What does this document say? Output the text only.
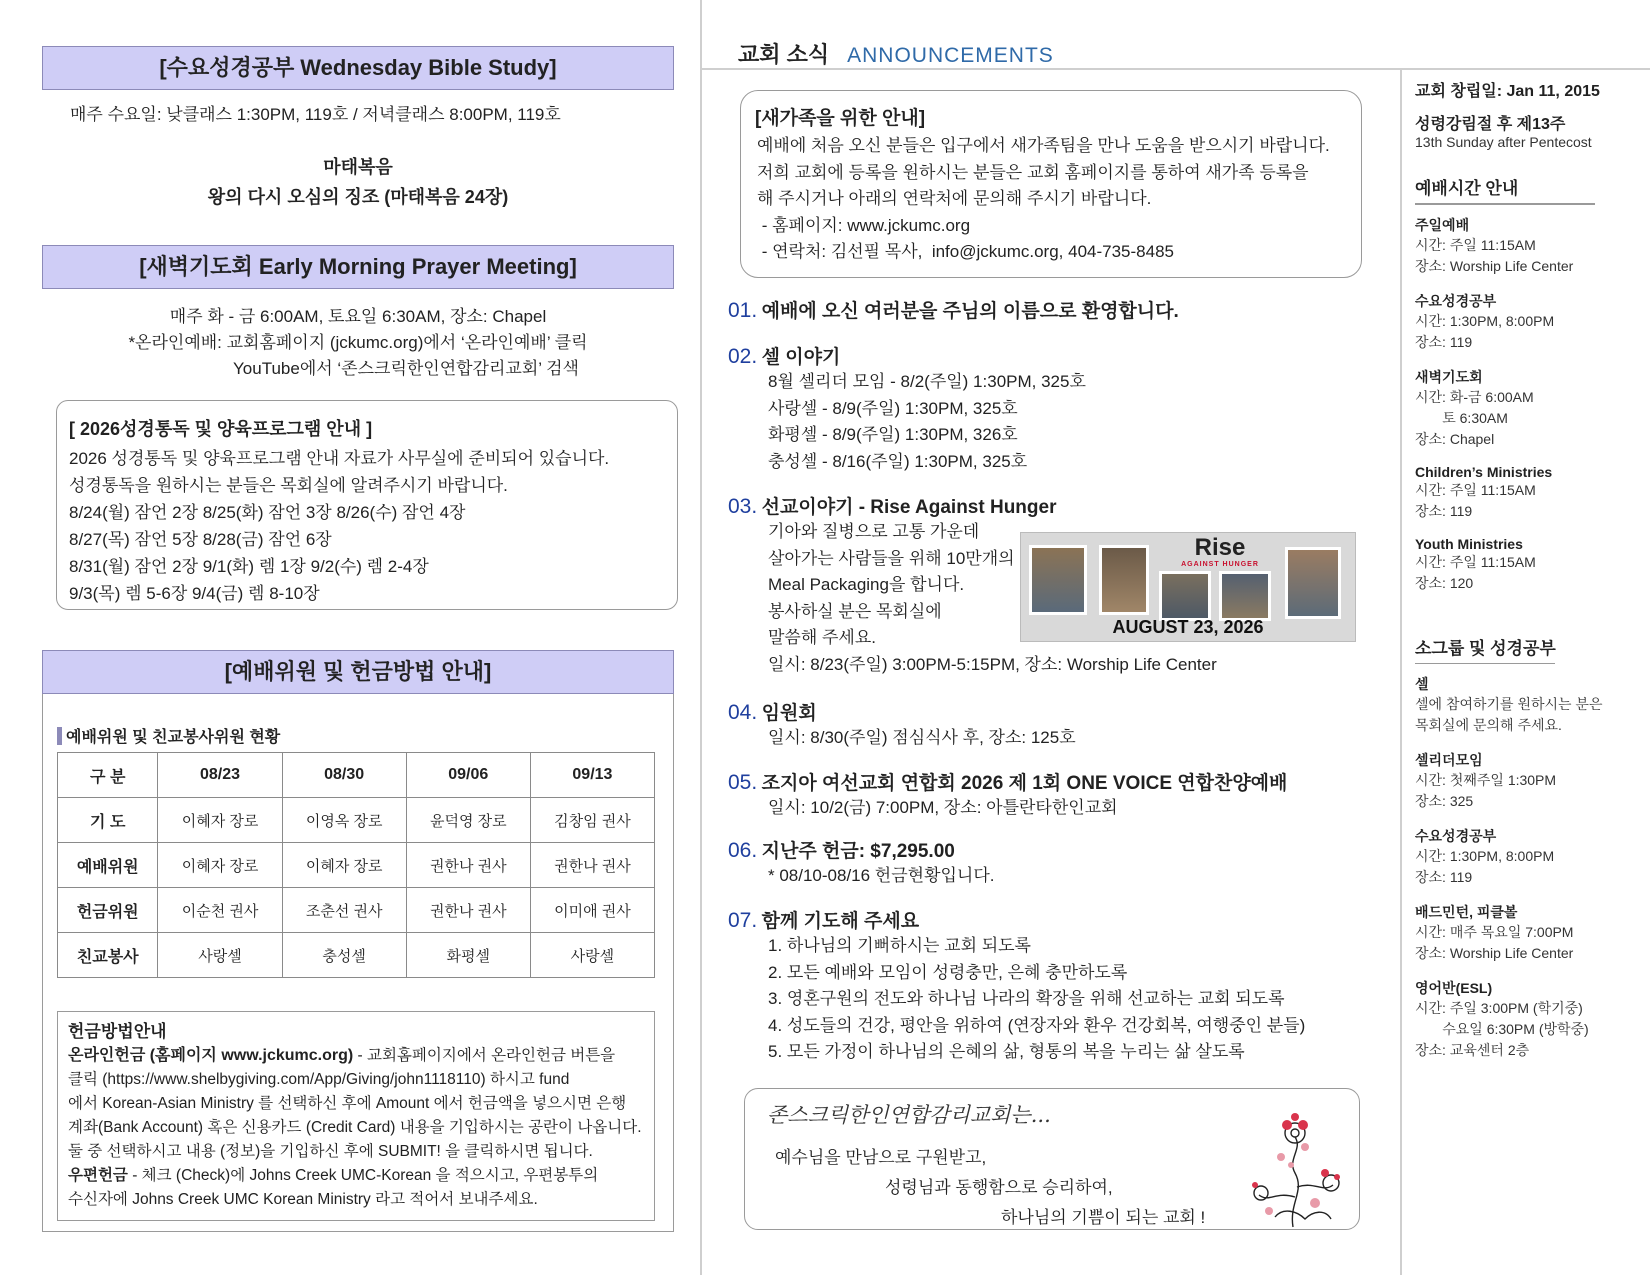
[수요성경공부 Wednesday Bible Study]
매주 수요일: 낮클래스 1:30PM, 119호 / 저녁클래스 8:00PM, 119호
마태복음
왕의 다시 오심의 징조 (마태복음 24장)
[새벽기도회 Early Morning Prayer Meeting]
매주 화 - 금 6:00AM, 토요일 6:30AM, 장소: Chapel
*온라인예배: 교회홈페이지 (jckumc.org)에서 ‘온라인예배’ 클릭
YouTube에서 ‘존스크릭한인연합감리교회’ 검색
[ 2026성경통독 및 양육프로그램 안내 ]
2026 성경통독 및 양육프로그램 안내 자료가 사무실에 준비되어 있습니다.
성경통독을 원하시는 분들은 목회실에 알려주시기 바랍니다.
8/24(월) 잠언 2장 8/25(화) 잠언 3장 8/26(수) 잠언 4장
8/27(목) 잠언 5장 8/28(금) 잠언 6장
8/31(월) 잠언 2장 9/1(화) 렘 1장 9/2(수) 렘 2-4장
9/3(목) 렘 5-6장 9/4(금) 렘 8-10장
[예배위원 및 헌금방법 안내]
예배위원 및 친교봉사위원 현황
구 분	08/23	08/30	09/06	09/13
기 도	이혜자 장로	이영옥 장로	윤덕영 장로	김창임 권사
예배위원	이혜자 장로	이혜자 장로	권한나 권사	권한나 권사
헌금위원	이순천 권사	조춘선 권사	권한나 권사	이미애 권사
친교봉사	사랑셀	충성셀	화평셀	사랑셀
헌금방법안내
온라인헌금 (홈페이지 www.jckumc.org) - 교회홈페이지에서 온라인헌금 버튼을
클릭 (https://www.shelbygiving.com/App/Giving/john1118110) 하시고 fund
에서 Korean-Asian Ministry 를 선택하신 후에 Amount 에서 헌금액을 넣으시면 은행
계좌(Bank Account) 혹은 신용카드 (Credit Card) 내용을 기입하시는 공란이 나옵니다.
둘 중 선택하시고 내용 (정보)을 기입하신 후에 SUBMIT! 을 클릭하시면 됩니다.
우편헌금 - 체크 (Check)에 Johns Creek UMC-Korean 을 적으시고, 우편봉투의
수신자에 Johns Creek UMC Korean Ministry 라고 적어서 보내주세요.
교회 소식 ANNOUNCEMENTS
[새가족을 위한 안내]
예배에 처음 오신 분들은 입구에서 새가족팀을 만나 도움을 받으시기 바랍니다.
저희 교회에 등록을 원하시는 분들은 교회 홈페이지를 통하여 새가족 등록을
해 주시거나 아래의 연락처에 문의해 주시기 바랍니다.
- 홈페이지: www.jckumc.org
- 연락처: 김선필 목사,  info@jckumc.org, 404-735-8485
01. 예배에 오신 여러분을 주님의 이름으로 환영합니다.
02. 셀 이야기
8월 셀리더 모임 - 8/2(주일) 1:30PM, 325호
사랑셀 - 8/9(주일) 1:30PM, 325호
화평셀 - 8/9(주일) 1:30PM, 326호
충성셀 - 8/16(주일) 1:30PM, 325호
03. 선교이야기 - Rise Against Hunger
기아와 질병으로 고통 가운데
살아가는 사람들을 위해 10만개의
Meal Packaging을 합니다.
봉사하실 분은 목회실에
말씀해 주세요.
일시: 8/23(주일) 3:00PM-5:15PM, 장소: Worship Life Center
Rise
AGAINST HUNGER
AUGUST 23, 2026
04. 임원회
일시: 8/30(주일) 점심식사 후, 장소: 125호
05. 조지아 여선교회 연합회 2026 제 1회 ONE VOICE 연합찬양예배
일시: 10/2(금) 7:00PM, 장소: 아틀란타한인교회
06. 지난주 헌금: $7,295.00
* 08/10-08/16 헌금현황입니다.
07. 함께 기도해 주세요
1. 하나님의 기뻐하시는 교회 되도록
2. 모든 예배와 모임이 성령충만, 은혜 충만하도록
3. 영혼구원의 전도와 하나님 나라의 확장을 위해 선교하는 교회 되도록
4. 성도들의 건강, 평안을 위하여 (연장자와 환우 건강회복, 여행중인 분들)
5. 모든 가정이 하나님의 은혜의 삶, 형통의 복을 누리는 삶 살도록
존스크릭한인연합감리교회는...
예수님을 만남으로 구원받고,
성령님과 동행함으로 승리하여,
하나님의 기쁨이 되는 교회 !
교회 창립일: Jan 11, 2015
성령강림절 후 제13주
13th Sunday after Pentecost
예배시간 안내
주일예배
시간: 주일 11:15AM
장소: Worship Life Center
수요성경공부
시간: 1:30PM, 8:00PM
장소: 119
새벽기도회
시간: 화-금 6:00AM
토 6:30AM
장소: Chapel
Children’s Ministries
시간: 주일 11:15AM
장소: 119
Youth Ministries
시간: 주일 11:15AM
장소: 120
소그룹 및 성경공부
셀
셀에 참여하기를 원하시는 분은
목회실에 문의해 주세요.
셀리더모임
시간: 첫째주일 1:30PM
장소: 325
수요성경공부
시간: 1:30PM, 8:00PM
장소: 119
배드민턴, 피클볼
시간: 매주 목요일 7:00PM
장소: Worship Life Center
영어반(ESL)
시간: 주일 3:00PM (학기중)
수요일 6:30PM (방학중)
장소: 교육센터 2층
